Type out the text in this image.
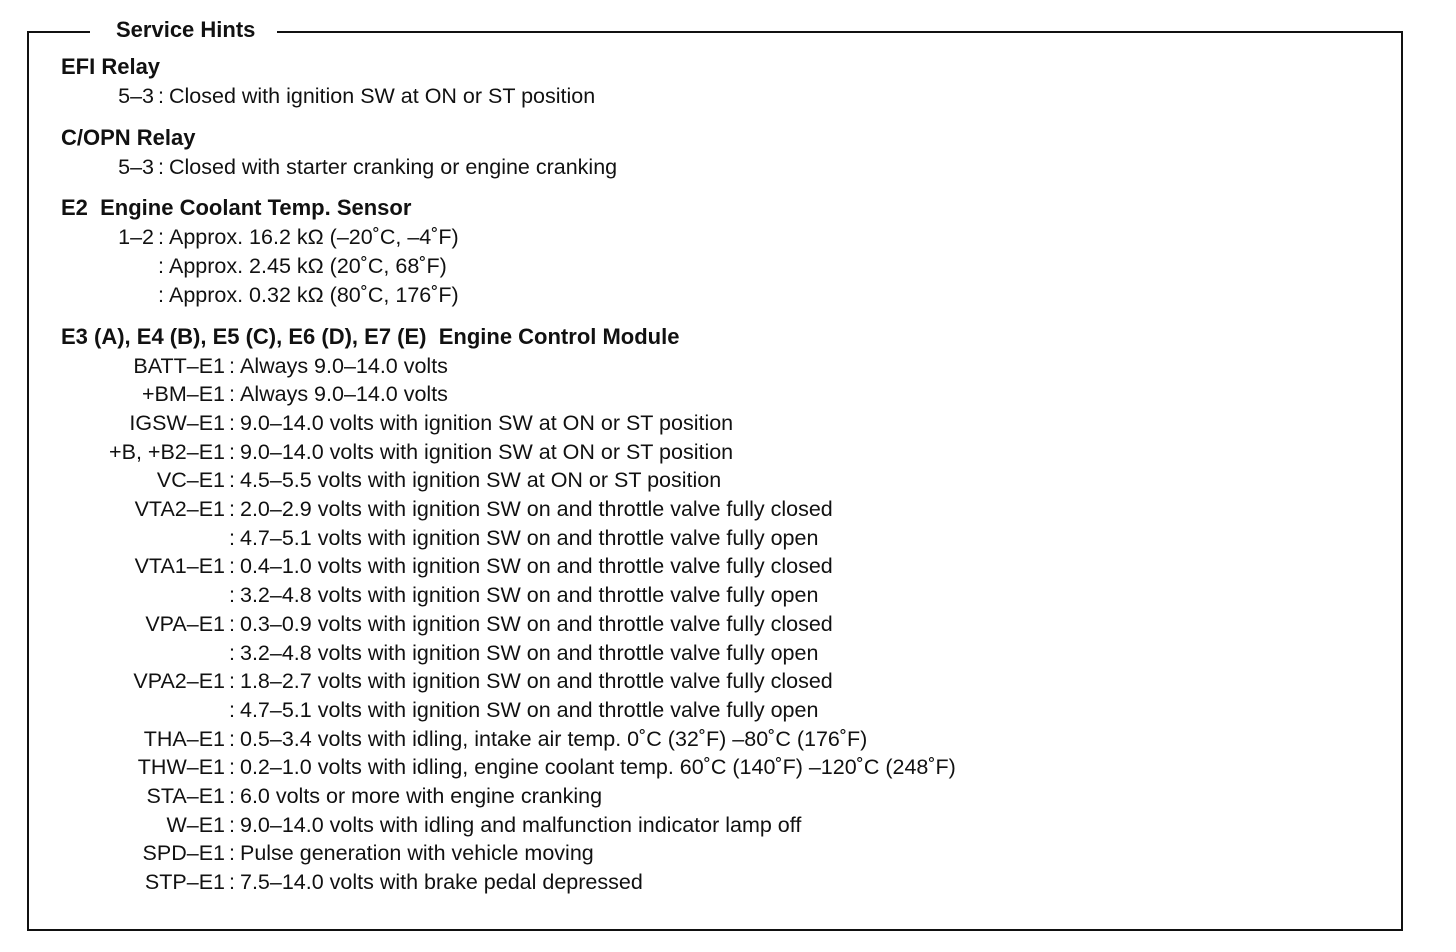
Service Hints
EFI Relay
5–3 : Closed with ignition SW at ON or ST position
C/OPN Relay
5–3 : Closed with starter cranking or engine cranking
E2  Engine Coolant Temp. Sensor
1–2 : Approx. 16.2 kΩ (–20˚C, –4˚F)
: Approx. 2.45 kΩ (20˚C, 68˚F)
: Approx. 0.32 kΩ (80˚C, 176˚F)
E3 (A), E4 (B), E5 (C), E6 (D), E7 (E)  Engine Control Module
BATT–E1 : Always 9.0–14.0 volts
+BM–E1 : Always 9.0–14.0 volts
IGSW–E1 : 9.0–14.0 volts with ignition SW at ON or ST position
+B, +B2–E1 : 9.0–14.0 volts with ignition SW at ON or ST position
VC–E1 : 4.5–5.5 volts with ignition SW at ON or ST position
VTA2–E1 : 2.0–2.9 volts with ignition SW on and throttle valve fully closed
: 4.7–5.1 volts with ignition SW on and throttle valve fully open
VTA1–E1 : 0.4–1.0 volts with ignition SW on and throttle valve fully closed
: 3.2–4.8 volts with ignition SW on and throttle valve fully open
VPA–E1 : 0.3–0.9 volts with ignition SW on and throttle valve fully closed
: 3.2–4.8 volts with ignition SW on and throttle valve fully open
VPA2–E1 : 1.8–2.7 volts with ignition SW on and throttle valve fully closed
: 4.7–5.1 volts with ignition SW on and throttle valve fully open
THA–E1 : 0.5–3.4 volts with idling, intake air temp. 0˚C (32˚F) –80˚C (176˚F)
THW–E1 : 0.2–1.0 volts with idling, engine coolant temp. 60˚C (140˚F) –120˚C (248˚F)
STA–E1 : 6.0 volts or more with engine cranking
W–E1 : 9.0–14.0 volts with idling and malfunction indicator lamp off
SPD–E1 : Pulse generation with vehicle moving
STP–E1 : 7.5–14.0 volts with brake pedal depressed
